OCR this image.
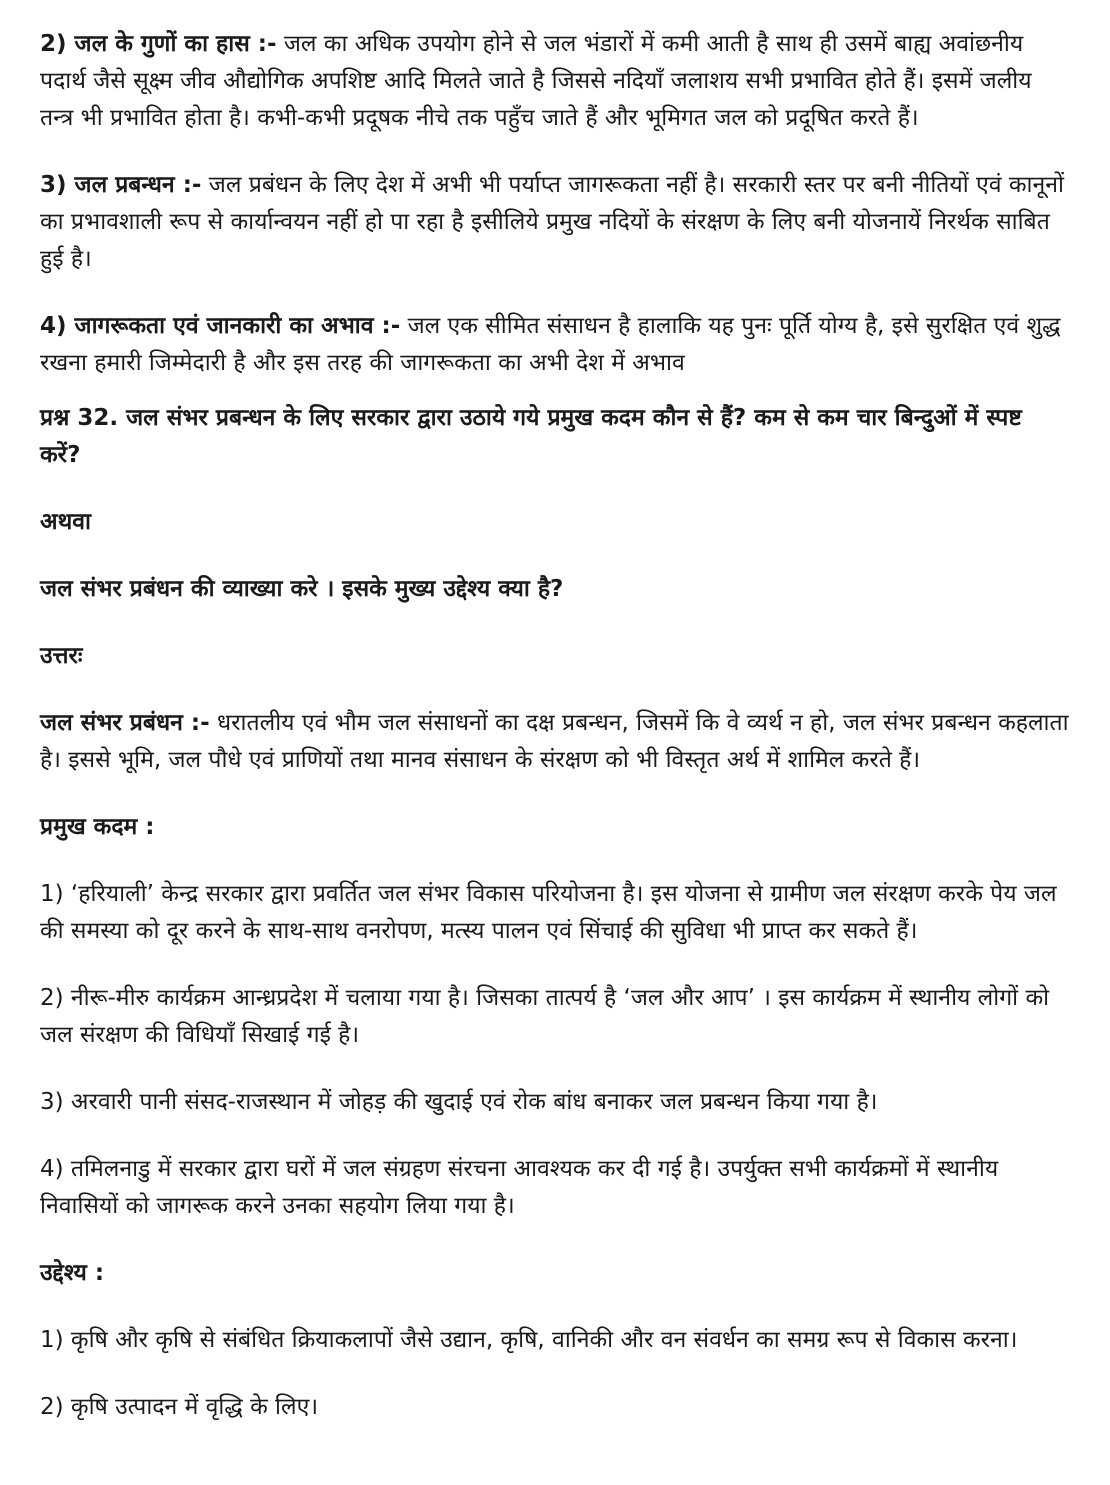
2) जल के गुणों का हास :- जल का अधिक उपयोग होने से जल भंडारों में कमी आती है साथ ही उसमें बाह्य अवांछनीय पदार्थ जैसे सूक्ष्म जीव औद्योगिक अपशिष्ट आदि मिलते जाते है जिससे नदियाँ जलाशय सभी प्रभावित होते हैं। इसमें जलीय तन्त्र भी प्रभावित होता है। कभी-कभी प्रदूषक नीचे तक पहुँच जाते हैं और भूमिगत जल को प्रदूषित करते हैं।

3) जल प्रबन्धन :- जल प्रबंधन के लिए देश में अभी भी पर्याप्त जागरूकता नहीं है। सरकारी स्तर पर बनी नीतियों एवं कानूनों का प्रभावशाली रूप से कार्यान्वयन नहीं हो पा रहा है इसीलिये प्रमुख नदियों के संरक्षण के लिए बनी योजनायें निरर्थक साबित हुई है।

4) जागरूकता एवं जानकारी का अभाव :- जल एक सीमित संसाधन है हालाकि यह पुनः पूर्ति योग्य है, इसे सुरक्षित एवं शुद्ध रखना हमारी जिम्मेदारी है और इस तरह की जागरूकता का अभी देश में अभाव

प्रश्न 32. जल संभर प्रबन्धन के लिए सरकार द्वारा उठाये गये प्रमुख कदम कौन से हैं? कम से कम चार बिन्दुओं में स्पष्ट करें?

अथवा

जल संभर प्रबंधन की व्याख्या करे । इसके मुख्य उद्देश्य क्या है?

उत्तरः

जल संभर प्रबंधन :- धरातलीय एवं भौम जल संसाधनों का दक्ष प्रबन्धन, जिसमें कि वे व्यर्थ न हो, जल संभर प्रबन्धन कहलाता है। इससे भूमि, जल पौधे एवं प्राणियों तथा मानव संसाधन के संरक्षण को भी विस्तृत अर्थ में शामिल करते हैं।

प्रमुख कदम :

1) ‘हरियाली’ केन्द्र सरकार द्वारा प्रवर्तित जल संभर विकास परियोजना है। इस योजना से ग्रामीण जल संरक्षण करके पेय जल की समस्या को दूर करने के साथ-साथ वनरोपण, मत्स्य पालन एवं सिंचाई की सुविधा भी प्राप्त कर सकते हैं।

2) नीरू-मीरु कार्यक्रम आन्ध्रप्रदेश में चलाया गया है। जिसका तात्पर्य है ‘जल और आप’ । इस कार्यक्रम में स्थानीय लोगों को जल संरक्षण की विधियाँ सिखाई गई है।

3) अरवारी पानी संसद-राजस्थान में जोहड़ की खुदाई एवं रोक बांध बनाकर जल प्रबन्धन किया गया है।

4) तमिलनाडु में सरकार द्वारा घरों में जल संग्रहण संरचना आवश्यक कर दी गई है। उपर्युक्त सभी कार्यक्रमों में स्थानीय निवासियों को जागरूक करने उनका सहयोग लिया गया है।

उद्देश्य :

1) कृषि और कृषि से संबंधित क्रियाकलापों जैसे उद्यान, कृषि, वानिकी और वन संवर्धन का समग्र रूप से विकास करना।

2) कृषि उत्पादन में वृद्धि के लिए।
